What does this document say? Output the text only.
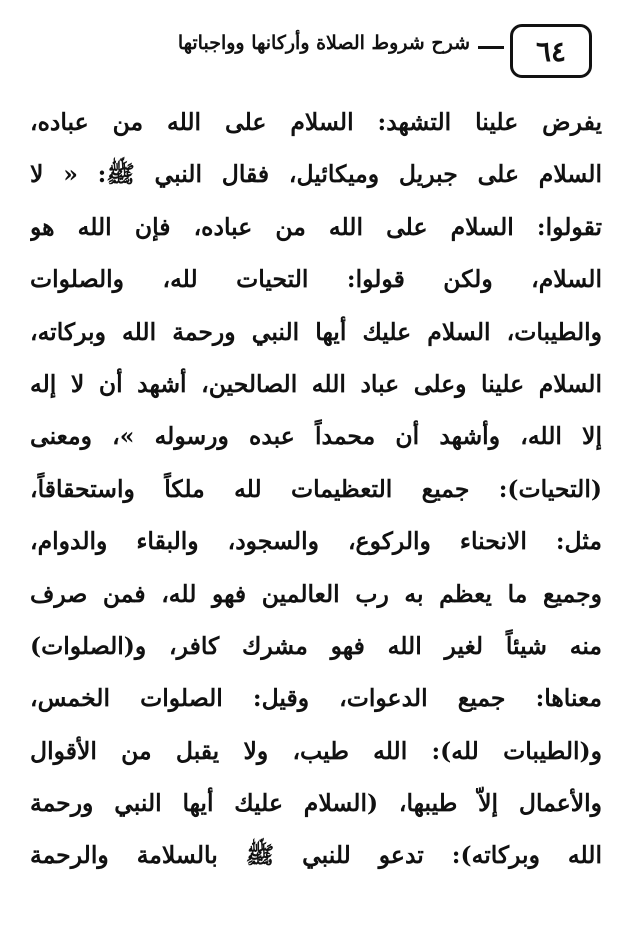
٦٤
شرح شروط الصلاة وأركانها وواجباتها
يفرض علينا التشهد: السلام على الله من عباده،
السلام على جبريل وميكائيل، فقال النبي ﷺ: « لا
تقولوا: السلام على الله من عباده، فإن الله هو
السلام، ولكن قولوا: التحيات لله، والصلوات
والطيبات، السلام عليك أيها النبي ورحمة الله وبركاته،
السلام علينا وعلى عباد الله الصالحين، أشهد أن لا إله
إلا الله، وأشهد أن محمداً عبده ورسوله »، ومعنى
(التحيات): جميع التعظيمات لله ملكاً واستحقاقاً،
مثل: الانحناء والركوع، والسجود، والبقاء والدوام،
وجميع ما يعظم به رب العالمين فهو لله، فمن صرف
منه شيئاً لغير الله فهو مشرك كافر، و(الصلوات)
معناها: جميع الدعوات، وقيل: الصلوات الخمس،
و(الطيبات لله): الله طيب، ولا يقبل من الأقوال
والأعمال إلاّ طيبها، (السلام عليك أيها النبي ورحمة
الله وبركاته): تدعو للنبي ﷺ بالسلامة والرحمة
